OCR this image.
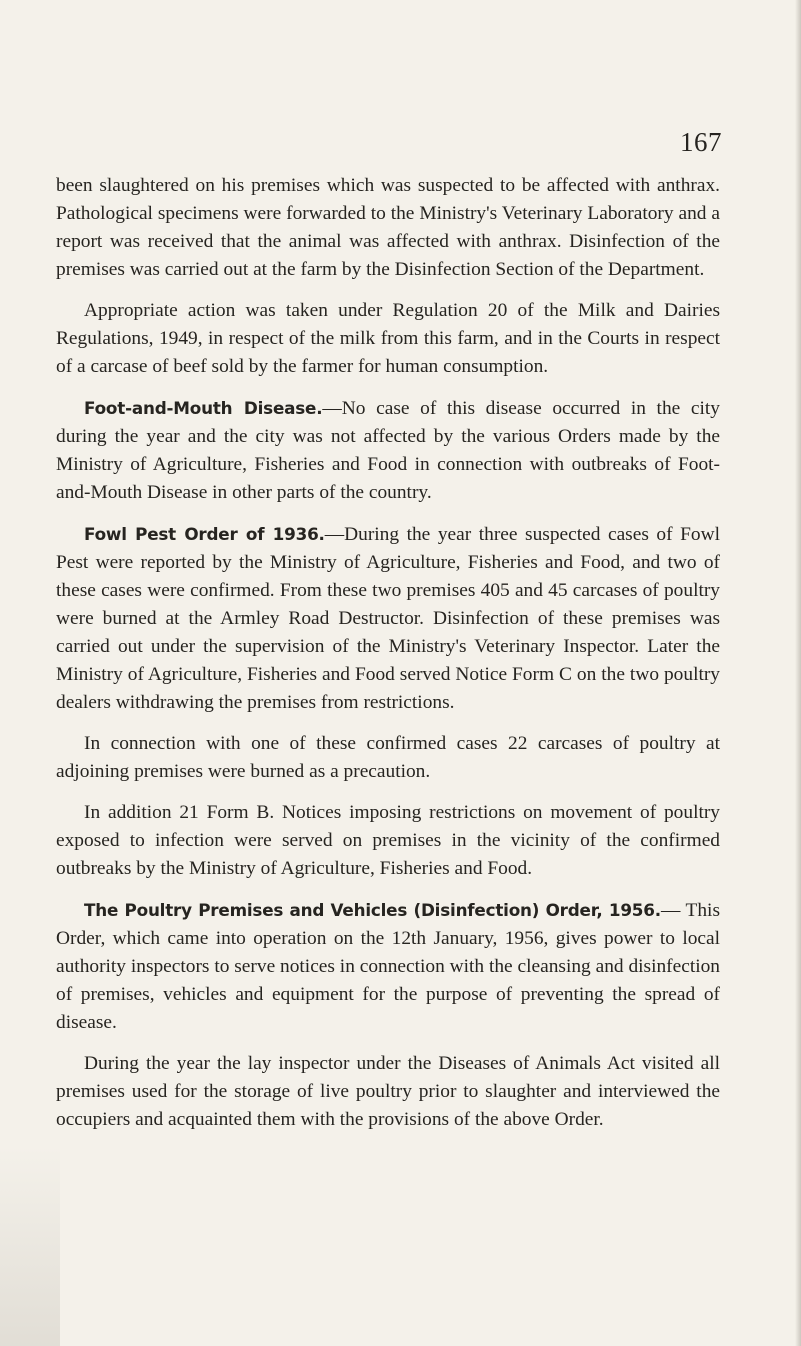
167

been slaughtered on his premises which was suspected to be affected with anthrax. Pathological specimens were forwarded to the Ministry's Veterinary Laboratory and a report was received that the animal was affected with anthrax. Disinfection of the premises was carried out at the farm by the Disinfection Section of the Department.

Appropriate action was taken under Regulation 20 of the Milk and Dairies Regulations, 1949, in respect of the milk from this farm, and in the Courts in respect of a carcase of beef sold by the farmer for human consumption.

Foot-and-Mouth Disease.—No case of this disease occurred in the city during the year and the city was not affected by the various Orders made by the Ministry of Agriculture, Fisheries and Food in connection with outbreaks of Foot-and-Mouth Disease in other parts of the country.

Fowl Pest Order of 1936.—During the year three suspected cases of Fowl Pest were reported by the Ministry of Agriculture, Fisheries and Food, and two of these cases were confirmed. From these two premises 405 and 45 carcases of poultry were burned at the Armley Road Destructor. Disinfection of these premises was carried out under the supervision of the Ministry's Veterinary Inspector. Later the Ministry of Agriculture, Fisheries and Food served Notice Form C on the two poultry dealers withdrawing the premises from restrictions.

In connection with one of these confirmed cases 22 carcases of poultry at adjoining premises were burned as a precaution.

In addition 21 Form B. Notices imposing restrictions on movement of poultry exposed to infection were served on premises in the vicinity of the confirmed outbreaks by the Ministry of Agriculture, Fisheries and Food.

The Poultry Premises and Vehicles (Disinfection) Order, 1956.— This Order, which came into operation on the 12th January, 1956, gives power to local authority inspectors to serve notices in connection with the cleansing and disinfection of premises, vehicles and equipment for the purpose of preventing the spread of disease.

During the year the lay inspector under the Diseases of Animals Act visited all premises used for the storage of live poultry prior to slaughter and interviewed the occupiers and acquainted them with the provisions of the above Order.
